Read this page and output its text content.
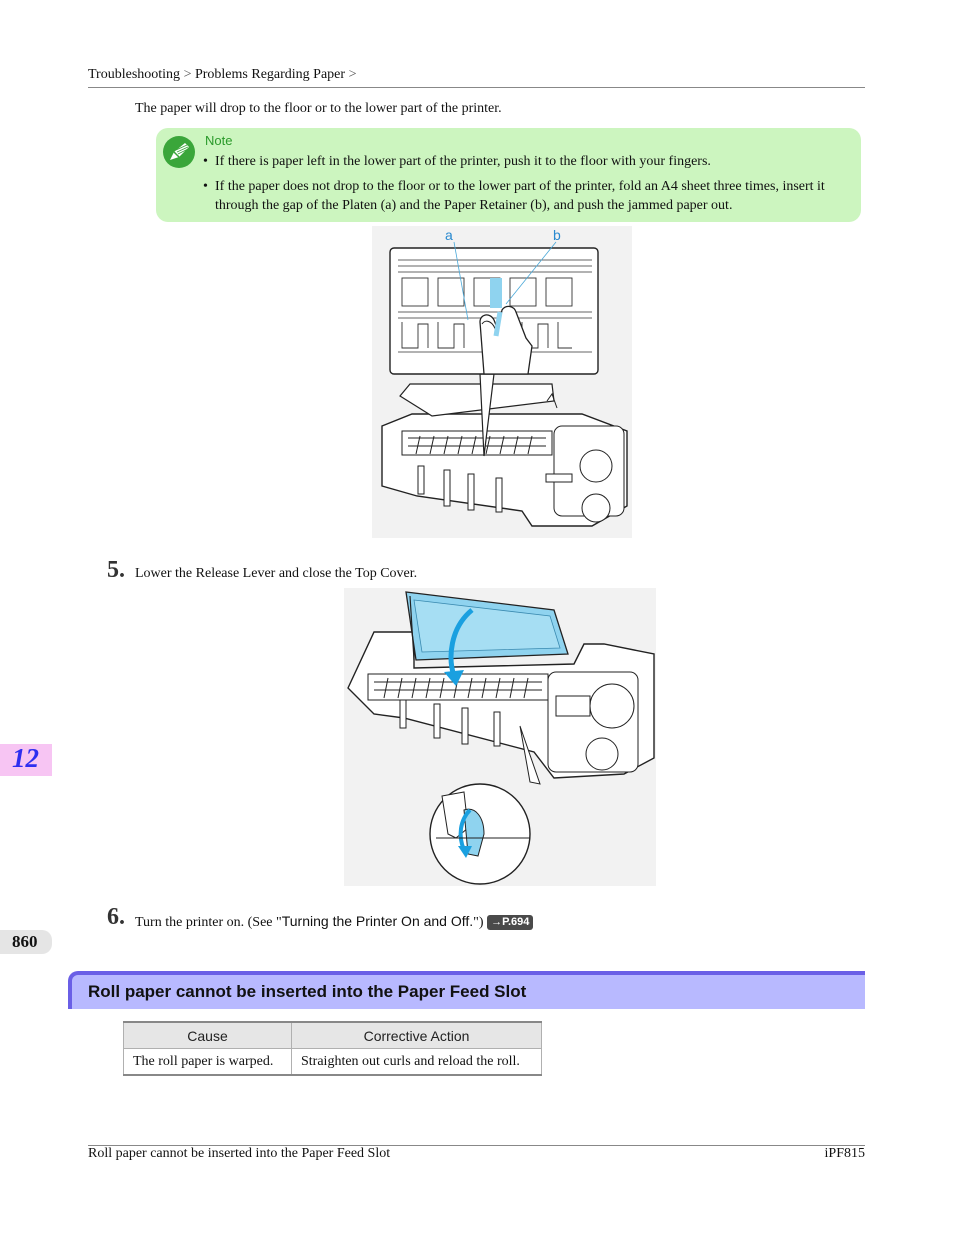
Troubleshooting > Problems Regarding Paper >
The paper will drop to the floor or to the lower part of the printer.
Note
• If there is paper left in the lower part of the printer, push it to the floor with your fingers.
• If the paper does not drop to the floor or to the lower part of the printer, fold an A4 sheet three times, insert it through the gap of the Platen (a) and the Paper Retainer (b), and push the jammed paper out.
a	b
5. Lower the Release Lever and close the Top Cover.
12
6. Turn the printer on. (See "Turning the Printer On and Off.") →P.694
860
Roll paper cannot be inserted into the Paper Feed Slot
Cause	Corrective Action
The roll paper is warped.	Straighten out curls and reload the roll.
Roll paper cannot be inserted into the Paper Feed Slot	iPF815
